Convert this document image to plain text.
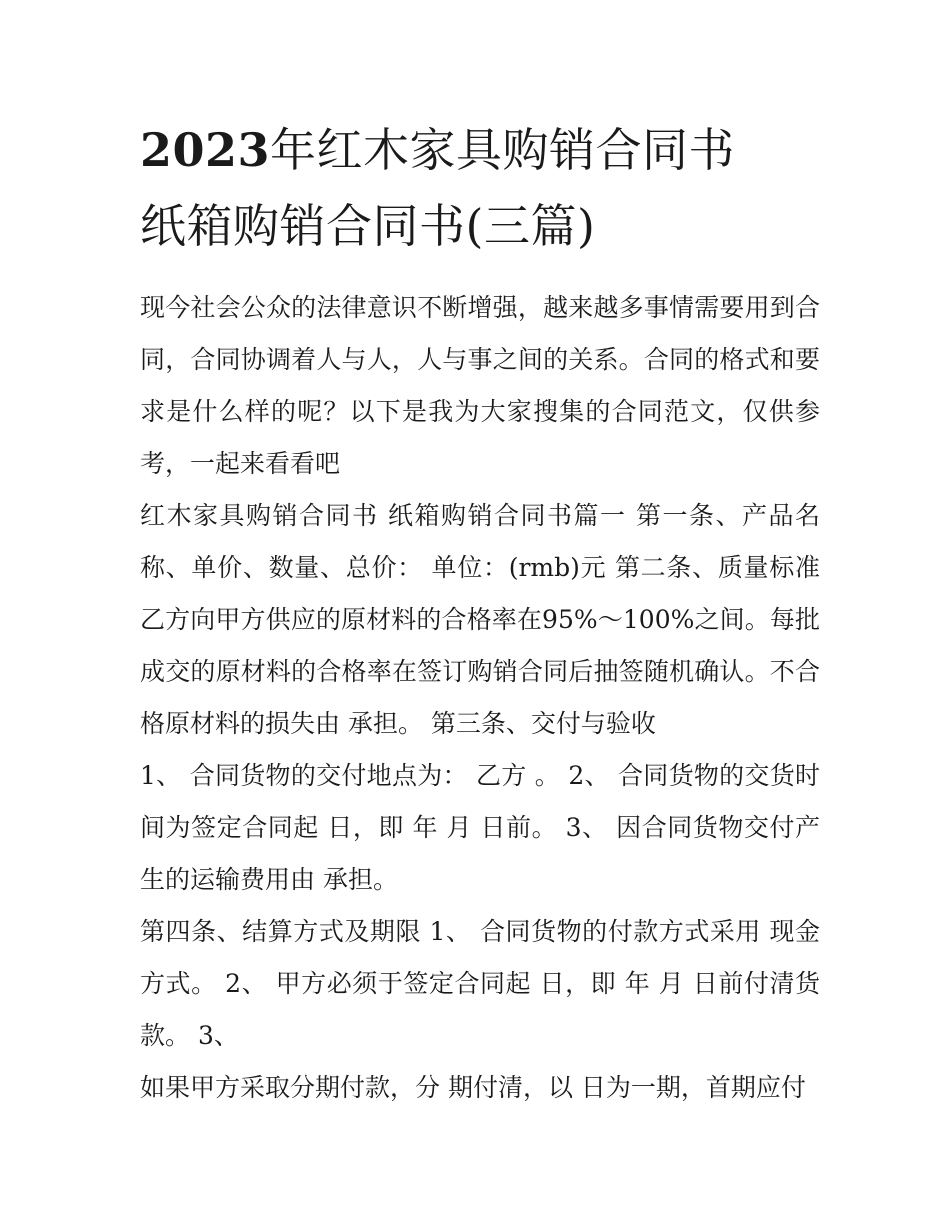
2023年红木家具购销合同书
纸箱购销合同书(三篇)

现今社会公众的法律意识不断增强，越来越多事情需要用到合同，合同协调着人与人，人与事之间的关系。合同的格式和要求是什么样的呢？以下是我为大家搜集的合同范文，仅供参考，一起来看看吧

红木家具购销合同书 纸箱购销合同书篇一 第一条、产品名称、单价、数量、总价： 单位：(rmb)元 第二条、质量标准 乙方向甲方供应的原材料的合格率在95%～100%之间。每批成交的原材料的合格率在签订购销合同后抽签随机确认。不合格原材料的损失由 承担。 第三条、交付与验收

1、 合同货物的交付地点为： 乙方 。 2、 合同货物的交货时间为签定合同起 日，即 年 月 日前。 3、 因合同货物交付产生的运输费用由 承担。

第四条、结算方式及期限 1、 合同货物的付款方式采用 现金方式。 2、 甲方必须于签定合同起 日，即 年 月 日前付清货款。 3、

如果甲方采取分期付款，分 期付清，以 日为一期，首期应付
